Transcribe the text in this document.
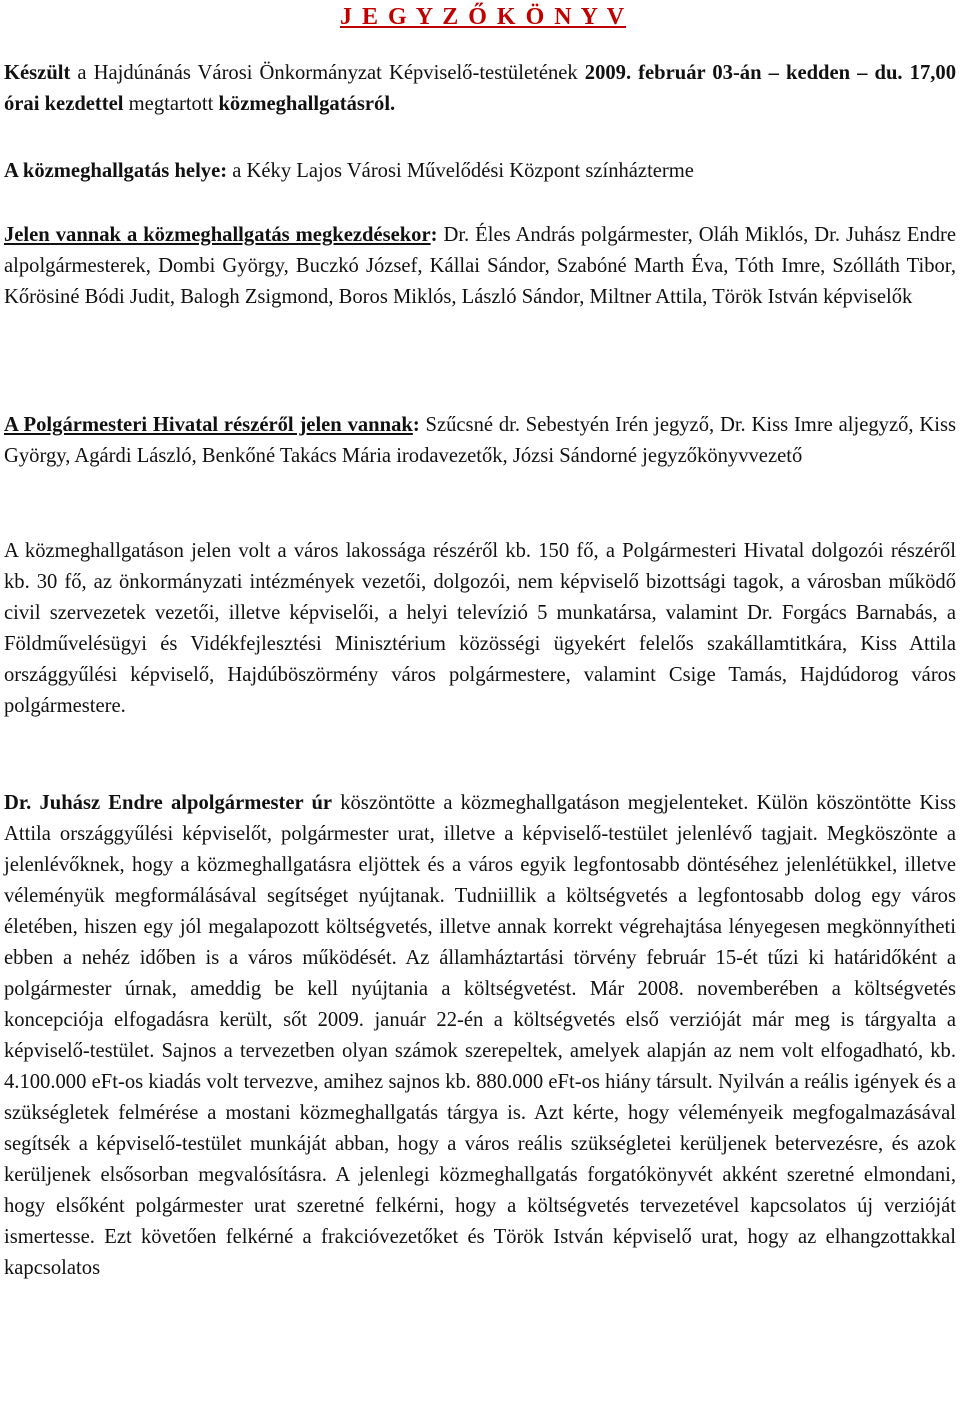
J E G Y Z Ő K Ö N Y V

Készült a Hajdúnánás Városi Önkormányzat Képviselő-testületének 2009. február 03-án – kedden – du. 17,00 órai kezdettel megtartott közmeghallgatásról.

A közmeghallgatás helye: a Kéky Lajos Városi Művelődési Központ színházterme

Jelen vannak a közmeghallgatás megkezdésekor: Dr. Éles András polgármester, Oláh Miklós, Dr. Juhász Endre alpolgármesterek, Dombi György, Buczkó József, Kállai Sándor, Szabóné Marth Éva, Tóth Imre, Szólláth Tibor, Kőrösiné Bódi Judit, Balogh Zsigmond, Boros Miklós, László Sándor, Miltner Attila, Török István képviselők

A Polgármesteri Hivatal részéről jelen vannak: Szűcsné dr. Sebestyén Irén jegyző, Dr. Kiss Imre aljegyző, Kiss György, Agárdi László, Benkőné Takács Mária irodavezetők, Józsi Sándorné jegyzőkönyvvezető

A közmeghallgatáson jelen volt a város lakossága részéről kb. 150 fő, a Polgármesteri Hivatal dolgozói részéről kb. 30 fő, az önkormányzati intézmények vezetői, dolgozói, nem képviselő bizottsági tagok, a városban működő civil szervezetek vezetői, illetve képviselői, a helyi televízió 5 munkatársa, valamint Dr. Forgács Barnabás, a Földművelésügyi és Vidékfejlesztési Minisztérium közösségi ügyekért felelős szakállamtitkára, Kiss Attila országgyűlési képviselő, Hajdúböszörmény város polgármestere, valamint Csige Tamás, Hajdúdorog város polgármestere.

Dr. Juhász Endre alpolgármester úr köszöntötte a közmeghallgatáson megjelenteket. Külön köszöntötte Kiss Attila országgyűlési képviselőt, polgármester urat, illetve a képviselő-testület jelenlévő tagjait. Megköszönte a jelenlévőknek, hogy a közmeghallgatásra eljöttek és a város egyik legfontosabb döntéséhez jelenlétükkel, illetve véleményük megformálásával segítséget nyújtanak. Tudniillik a költségvetés a legfontosabb dolog egy város életében, hiszen egy jól megalapozott költségvetés, illetve annak korrekt végrehajtása lényegesen megkönnyítheti ebben a nehéz időben is a város működését. Az államháztartási törvény február 15-ét tűzi ki határidőként a polgármester úrnak, ameddig be kell nyújtania a költségvetést. Már 2008. novemberében a költségvetés koncepciója elfogadásra került, sőt 2009. január 22-én a költségvetés első verzióját már meg is tárgyalta a képviselő-testület. Sajnos a tervezetben olyan számok szerepeltek, amelyek alapján az nem volt elfogadható, kb. 4.100.000 eFt-os kiadás volt tervezve, amihez sajnos kb. 880.000 eFt-os hiány társult. Nyilván a reális igények és a szükségletek felmérése a mostani közmeghallgatás tárgya is. Azt kérte, hogy véleményeik megfogalmazásával segítsék a képviselő-testület munkáját abban, hogy a város reális szükségletei kerüljenek betervezésre, és azok kerüljenek elsősorban megvalósításra. A jelenlegi közmeghallgatás forgatókönyvét akként szeretné elmondani, hogy elsőként polgármester urat szeretné felkérni, hogy a költségvetés tervezetével kapcsolatos új verzióját ismertesse. Ezt követően felkérné a frakcióvezetőket és Török István képviselő urat, hogy az elhangzottakkal kapcsolatos
